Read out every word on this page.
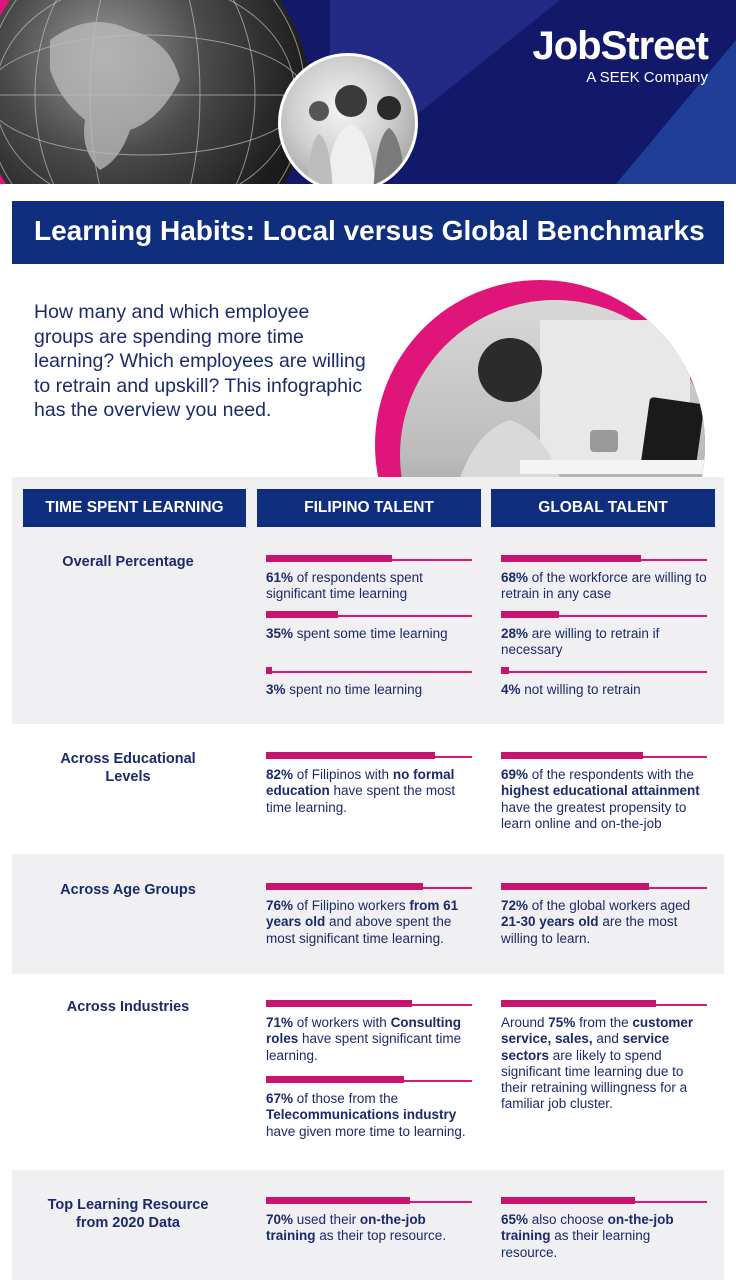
JobStreet
A SEEK Company
Learning Habits: Local versus Global Benchmarks
How many and which employee groups are spending more time learning? Which employees are willing to retrain and upskill? This infographic has the overview you need.
TIME SPENT LEARNING	FILIPINO TALENT	GLOBAL TALENT
Overall Percentage
Across Educational Levels
Across Age Groups
Across Industries
Top Learning Resource from 2020 Data
61% of respondents spent significant time learning
35% spent some time learning
3% spent no time learning
68% of the workforce are willing to retrain in any case
28% are willing to retrain if necessary
4% not willing to retrain
82% of Filipinos with no formal education have spent the most time learning.
69% of the respondents with the highest educational attainment have the greatest propensity to learn online and on-the-job
76% of Filipino workers from 61 years old and above spent the most significant time learning.
72% of the global workers aged 21-30 years old are the most willing to learn.
71% of workers with Consulting roles have spent significant time learning.
67% of those from the Telecommunications industry have given more time to learning.
Around 75% from the customer service, sales, and service sectors are likely to spend significant time learning due to their retraining willingness for a familiar job cluster.
70% used their on-the-job training as their top resource.
65% also choose on-the-job training as their learning resource.
